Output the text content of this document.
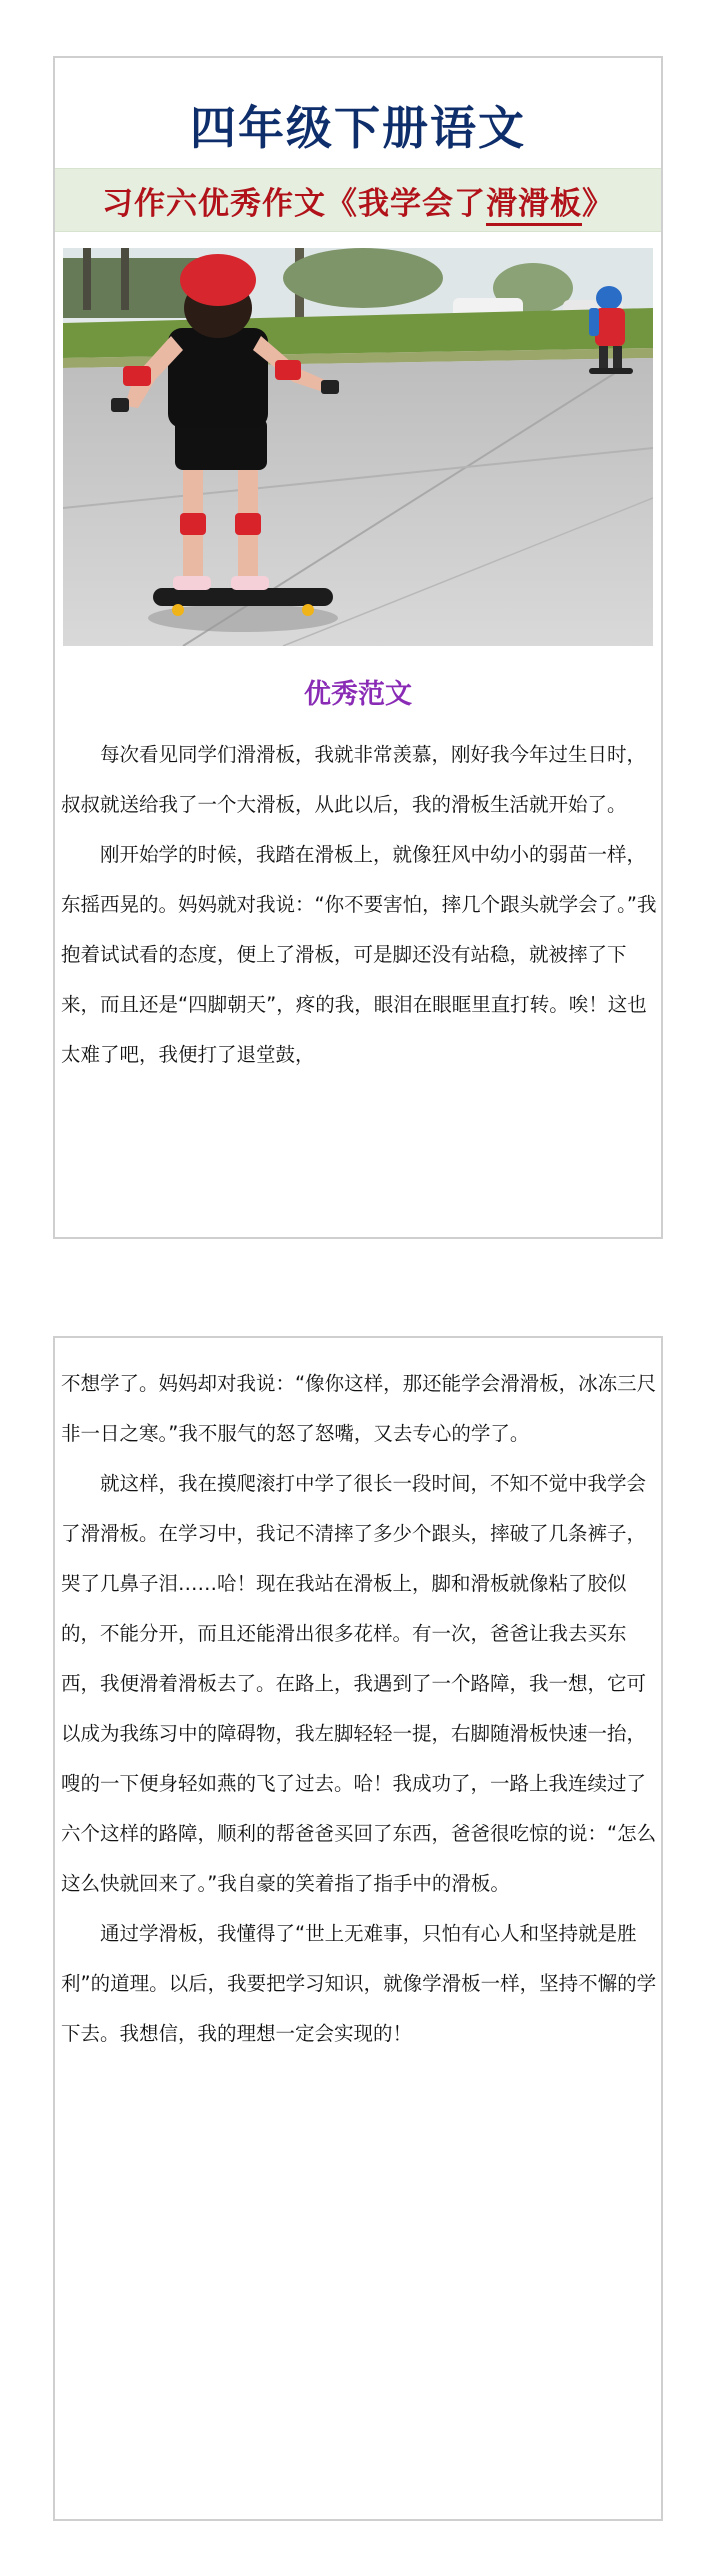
四年级下册语文
习作六优秀作文《我学会了滑滑板》
优秀范文

每次看见同学们滑滑板，我就非常羡慕，刚好我今年过生日时，叔叔就送给我了一个大滑板，从此以后，我的滑板生活就开始了。

刚开始学的时候，我踏在滑板上，就像狂风中幼小的弱苗一样，东摇西晃的。妈妈就对我说：“你不要害怕，摔几个跟头就学会了。”我抱着试试看的态度，便上了滑板，可是脚还没有站稳，就被摔了下来，而且还是“四脚朝天”，疼的我，眼泪在眼眶里直打转。唉！这也太难了吧，我便打了退堂鼓，

不想学了。妈妈却对我说：“像你这样，那还能学会滑滑板，冰冻三尺非一日之寒。”我不服气的怒了怒嘴，又去专心的学了。

就这样，我在摸爬滚打中学了很长一段时间，不知不觉中我学会了滑滑板。在学习中，我记不清摔了多少个跟头，摔破了几条裤子，哭了几鼻子泪……哈！现在我站在滑板上，脚和滑板就像粘了胶似的，不能分开，而且还能滑出很多花样。有一次，爸爸让我去买东西，我便滑着滑板去了。在路上，我遇到了一个路障，我一想，它可以成为我练习中的障碍物，我左脚轻轻一提，右脚随滑板快速一抬，嗖的一下便身轻如燕的飞了过去。哈！我成功了，一路上我连续过了六个这样的路障，顺利的帮爸爸买回了东西，爸爸很吃惊的说：“怎么这么快就回来了。”我自豪的笑着指了指手中的滑板。

通过学滑板，我懂得了“世上无难事，只怕有心人和坚持就是胜利”的道理。以后，我要把学习知识，就像学滑板一样，坚持不懈的学下去。我想信，我的理想一定会实现的！
